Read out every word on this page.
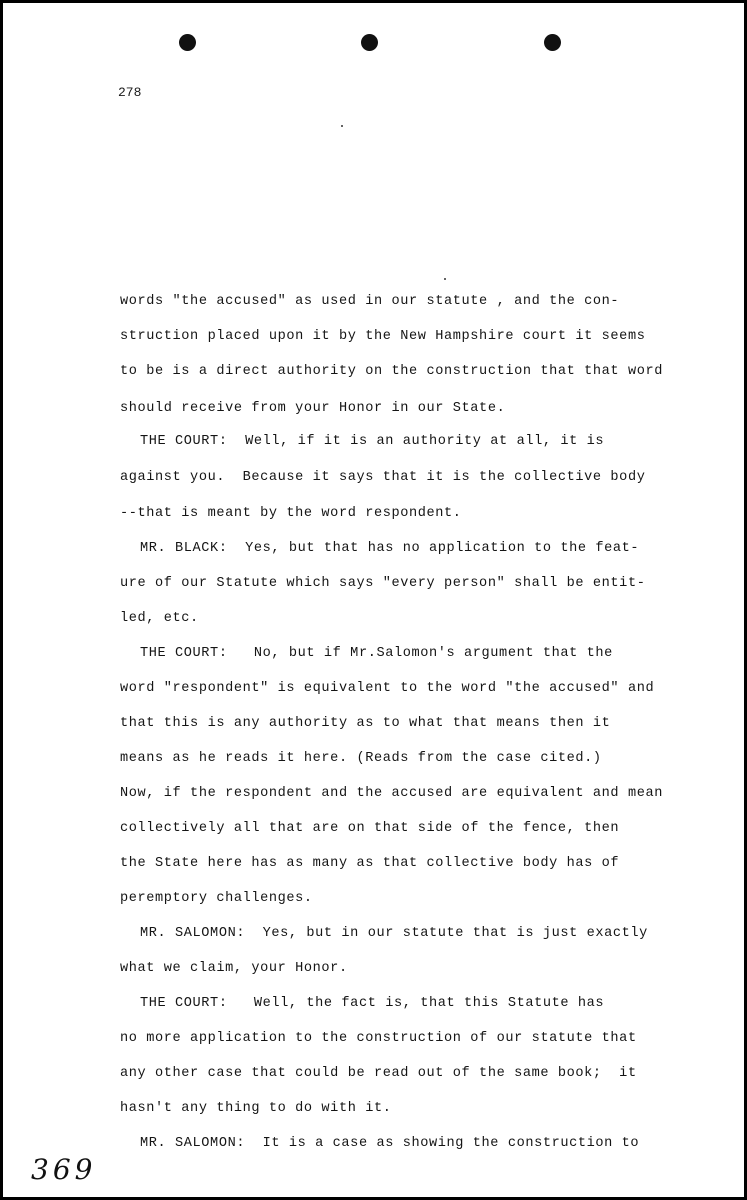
278
words "the accused" as used in our statute , and the con-
struction placed upon it by the New Hampshire court it seems
to be is a direct authority on the construction that that word
should receive from your Honor in our State.
THE COURT:  Well, if it is an authority at all, it is
against you.  Because it says that it is the collective body
--that is meant by the word respondent.
MR. BLACK:  Yes, but that has no application to the feat-
ure of our Statute which says "every person" shall be entit-
led, etc.
THE COURT:   No, but if Mr.Salomon's argument that the
word "respondent" is equivalent to the word "the accused" and
that this is any authority as to what that means then it
means as he reads it here. (Reads from the case cited.)
Now, if the respondent and the accused are equivalent and mean
collectively all that are on that side of the fence, then
the State here has as many as that collective body has of
peremptory challenges.
MR. SALOMON:  Yes, but in our statute that is just exactly
what we claim, your Honor.
THE COURT:   Well, the fact is, that this Statute has
no more application to the construction of our statute that
any other case that could be read out of the same book;  it
hasn't any thing to do with it.
MR. SALOMON:  It is a case as showing the construction to
369
